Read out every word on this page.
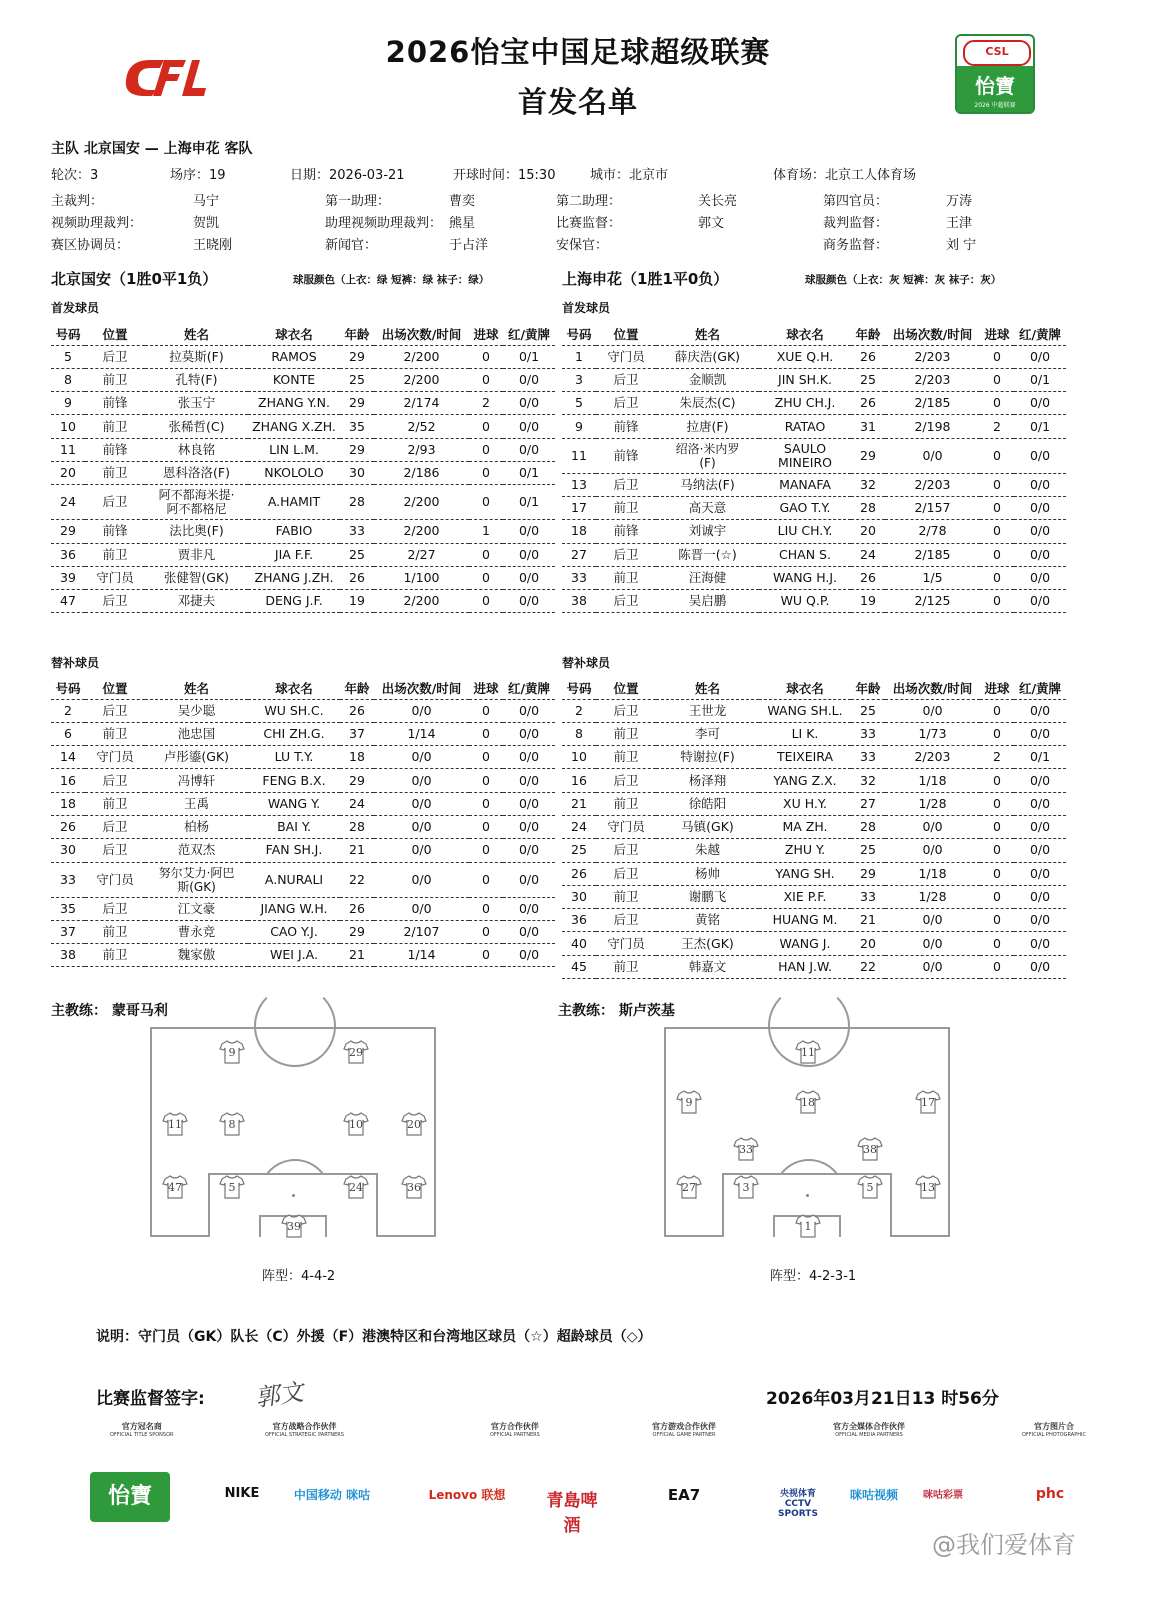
2026怡宝中国足球超级联赛
首发名单
CSL
怡寶
2026 中超联赛
主队 北京国安 — 上海申花 客队
轮次：3	场序：19	日期：2026-03-21	开球时间：15:30	城市：北京市	体育场：北京工人体育场
主裁判：	马宁	第一助理：	曹奕	第二助理：	关长亮	第四官员：	万涛
视频助理裁判：	贺凯	助理视频助理裁判： 熊星	比赛监督：	郭文	裁判监督：	王津
赛区协调员：	王晓刚	新闻官：	于占洋	安保官：	商务监督：	刘 宁
北京国安（1胜0平1负）	球服颜色（上衣：绿 短裤：绿 袜子：绿）	上海申花（1胜1平0负）	球服颜色（上衣：灰 短裤：灰 袜子：灰）
首发球员	首发球员
替补球员	替补球员
号码	位置	姓名	球衣名	年龄	出场次数/时间	进球	红/黄牌
5	后卫	拉莫斯(F)	RAMOS	29	2/200	0	0/1
8	前卫	孔特(F)	KONTE	25	2/200	0	0/0
9	前锋	张玉宁	ZHANG Y.N.	29	2/174	2	0/0
10	前卫	张稀哲(C)	ZHANG X.ZH.	35	2/52	0	0/0
11	前锋	林良铭	LIN L.M.	29	2/93	0	0/0
20	前卫	恩科洛洛(F)	NKOLOLO	30	2/186	0	0/1
24	后卫	阿不都海米提·阿不都格尼	A.HAMIT	28	2/200	0	0/1
29	前锋	法比奥(F)	FABIO	33	2/200	1	0/0
36	前卫	贾非凡	JIA F.F.	25	2/27	0	0/0
39	守门员	张健智(GK)	ZHANG J.ZH.	26	1/100	0	0/0
47	后卫	邓捷夫	DENG J.F.	19	2/200	0	0/0
号码	位置	姓名	球衣名	年龄	出场次数/时间	进球	红/黄牌
1	守门员	薛庆浩(GK)	XUE Q.H.	26	2/203	0	0/0
3	后卫	金顺凯	JIN SH.K.	25	2/203	0	0/1
5	后卫	朱辰杰(C)	ZHU CH.J.	26	2/185	0	0/0
9	前锋	拉唐(F)	RATAO	31	2/198	2	0/1
11	前锋	绍洛·米内罗(F)	SAULO MINEIRO	29	0/0	0	0/0
13	后卫	马纳法(F)	MANAFA	32	2/203	0	0/0
17	前卫	高天意	GAO T.Y.	28	2/157	0	0/0
18	前锋	刘诚宇	LIU CH.Y.	20	2/78	0	0/0
27	后卫	陈晋一(☆)	CHAN S.	24	2/185	0	0/0
33	前卫	汪海健	WANG H.J.	26	1/5	0	0/0
38	后卫	吴启鹏	WU Q.P.	19	2/125	0	0/0
号码	位置	姓名	球衣名	年龄	出场次数/时间	进球	红/黄牌
2	后卫	吴少聪	WU SH.C.	26	0/0	0	0/0
6	前卫	池忠国	CHI ZH.G.	37	1/14	0	0/0
14	守门员	卢彤鎏(GK)	LU T.Y.	18	0/0	0	0/0
16	后卫	冯博轩	FENG B.X.	29	0/0	0	0/0
18	前卫	王禹	WANG Y.	24	0/0	0	0/0
26	后卫	柏杨	BAI Y.	28	0/0	0	0/0
30	后卫	范双杰	FAN SH.J.	21	0/0	0	0/0
33	守门员	努尔艾力·阿巴斯(GK)	A.NURALI	22	0/0	0	0/0
35	后卫	江文豪	JIANG W.H.	26	0/0	0	0/0
37	前卫	曹永竞	CAO Y.J.	29	2/107	0	0/0
38	前卫	魏家傲	WEI J.A.	21	1/14	0	0/0
号码	位置	姓名	球衣名	年龄	出场次数/时间	进球	红/黄牌
2	后卫	王世龙	WANG SH.L.	25	0/0	0	0/0
8	前卫	李可	LI K.	33	1/73	0	0/0
10	前卫	特谢拉(F)	TEIXEIRA	33	2/203	2	0/1
16	后卫	杨泽翔	YANG Z.X.	32	1/18	0	0/0
21	前卫	徐皓阳	XU H.Y.	27	1/28	0	0/0
24	守门员	马镇(GK)	MA ZH.	28	0/0	0	0/0
25	后卫	朱越	ZHU Y.	25	0/0	0	0/0
26	后卫	杨帅	YANG SH.	29	1/18	0	0/0
30	前卫	谢鹏飞	XIE P.F.	33	1/28	0	0/0
36	后卫	黄铭	HUANG M.	21	0/0	0	0/0
40	守门员	王杰(GK)	WANG J.	20	0/0	0	0/0
45	前卫	韩嘉文	HAN J.W.	22	0/0	0	0/0
主教练： 蒙哥马利	主教练： 斯卢茨基
9	29
11	8	10	20
47	5	24	36
39
11
9	18	17
33	38
27	3	5	13
1
阵型：4-4-2	阵型：4-2-3-1
说明：守门员（GK）队长（C）外援（F）港澳特区和台湾地区球员（☆）超龄球员（◇）
比赛监督签字: 郭文	2026年03月21日13 时56分
官方冠名商
OFFICIAL TITLE SPONSOR
官方战略合作伙伴
OFFICIAL STRATEGIC PARTNERS
官方合作伙伴
OFFICIAL PARTNERS
官方游戏合作伙伴
OFFICIAL GAME PARTNER
官方全媒体合作伙伴
OFFICIAL MEDIA PARTNERS
官方图片合
OFFICIAL PHOTOGRAPHIC
怡寶	NIKE	中国移动 咪咕	Lenovo 联想	青島啤酒
EA7	央视体育 CCTV SPORTS
咪咕视频	咪咕彩票	phc
@我们爱体育
